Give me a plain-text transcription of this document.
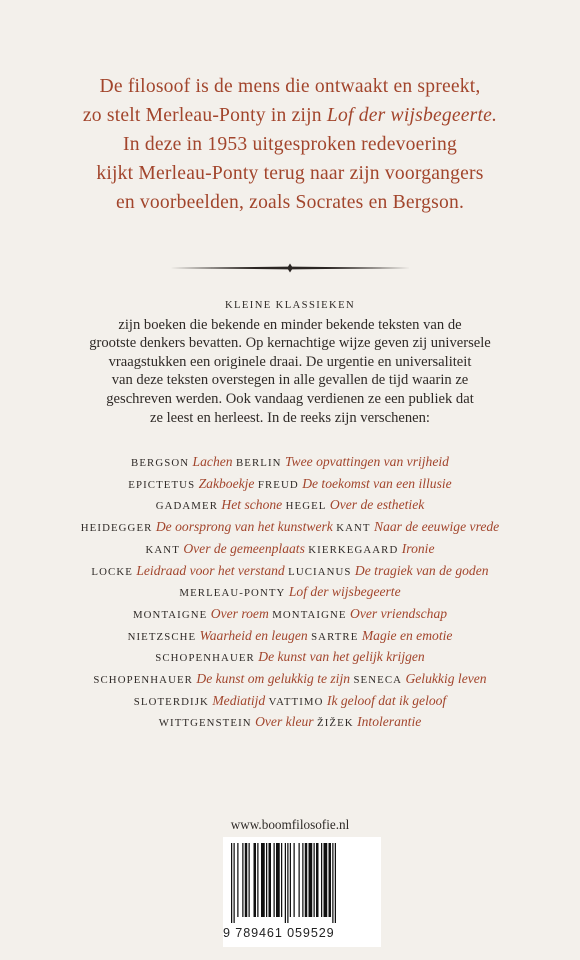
De filosoof is de mens die ontwaakt en spreekt,
zo stelt Merleau-Ponty in zijn Lof der wijsbegeerte.
In deze in 1953 uitgesproken redevoering
kijkt Merleau-Ponty terug naar zijn voorgangers
en voorbeelden, zoals Socrates en Bergson.
KLEINE KLASSIEKEN
zijn boeken die bekende en minder bekende teksten van de
grootste denkers bevatten. Op kernachtige wijze geven zij universele
vraagstukken een originele draai. De urgentie en universaliteit
van deze teksten overstegen in alle gevallen de tijd waarin ze
geschreven werden. Ook vandaag verdienen ze een publiek dat
ze leest en herleest. In de reeks zijn verschenen:
BERGSON Lachen BERLIN Twee opvattingen van vrijheid
EPICTETUS Zakboekje FREUD De toekomst van een illusie
GADAMER Het schone HEGEL Over de esthetiek
HEIDEGGER De oorsprong van het kunstwerk KANT Naar de eeuwige vrede
KANT Over de gemeenplaats KIERKEGAARD Ironie
LOCKE Leidraad voor het verstand LUCIANUS De tragiek van de goden
MERLEAU-PONTY Lof der wijsbegeerte
MONTAIGNE Over roem MONTAIGNE Over vriendschap
NIETZSCHE Waarheid en leugen SARTRE Magie en emotie
SCHOPENHAUER De kunst van het gelijk krijgen
SCHOPENHAUER De kunst om gelukkig te zijn SENECA Gelukkig leven
SLOTERDIJK Mediatijd VATTIMO Ik geloof dat ik geloof
WITTGENSTEIN Over kleur ŽIŽEK Intolerantie
www.boomfilosofie.nl
9 789461 059529
